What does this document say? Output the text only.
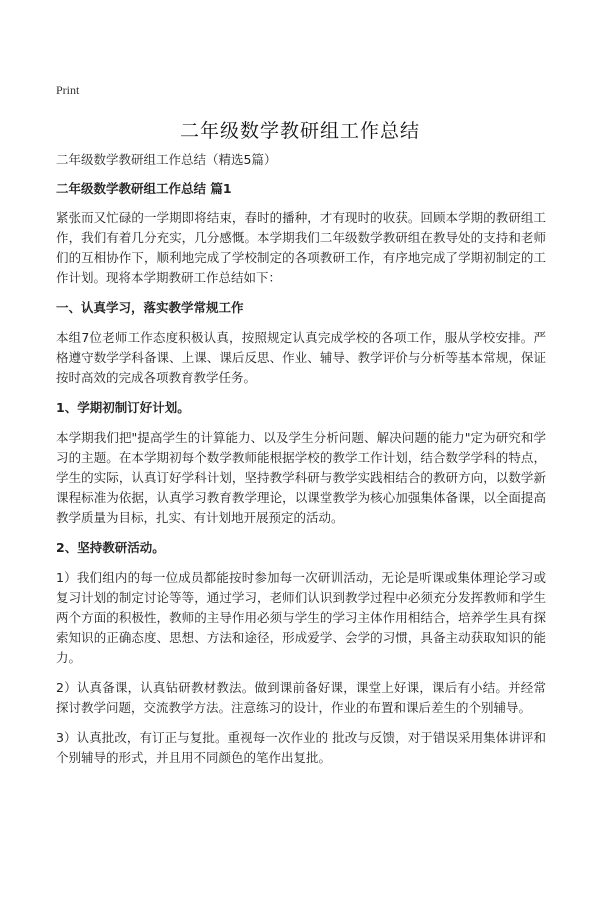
Print
二年级数学教研组工作总结

二年级数学教研组工作总结（精选5篇）

二年级数学教研组工作总结 篇1

紧张而又忙碌的一学期即将结束，春时的播种，才有现时的收获。回顾本学期的教研组工作，我们有着几分充实，几分感慨。本学期我们二年级数学教研组在教导处的支持和老师们的互相协作下，顺利地完成了学校制定的各项教研工作，有序地完成了学期初制定的工作计划。现将本学期教研工作总结如下：

一、认真学习，落实教学常规工作

本组7位老师工作态度积极认真，按照规定认真完成学校的各项工作，服从学校安排。严格遵守数学学科备课、上课、课后反思、作业、辅导、教学评价与分析等基本常规，保证按时高效的完成各项教育教学任务。

1、学期初制订好计划。

本学期我们把"提高学生的计算能力、以及学生分析问题、解决问题的能力"定为研究和学习的主题。在本学期初每个数学教师能根据学校的教学工作计划，结合数学学科的特点，学生的实际，认真订好学科计划，坚持教学科研与教学实践相结合的教研方向，以数学新课程标准为依据，认真学习教育教学理论，以课堂教学为核心加强集体备课，以全面提高教学质量为目标，扎实、有计划地开展预定的活动。

2、坚持教研活动。

1）我们组内的每一位成员都能按时参加每一次研训活动，无论是听课或集体理论学习或复习计划的制定讨论等等，通过学习，老师们认识到教学过程中必须充分发挥教师和学生两个方面的积极性，教师的主导作用必须与学生的学习主体作用相结合，培养学生具有探索知识的正确态度、思想、方法和途径，形成爱学、会学的习惯，具备主动获取知识的能力。

2）认真备课，认真钻研教材教法。做到课前备好课，课堂上好课，课后有小结。并经常探讨教学问题，交流教学方法。注意练习的设计，作业的布置和课后差生的个别辅导。

3）认真批改，有订正与复批。重视每一次作业的 批改与反馈，对于错误采用集体讲评和个别辅导的形式，并且用不同颜色的笔作出复批。
